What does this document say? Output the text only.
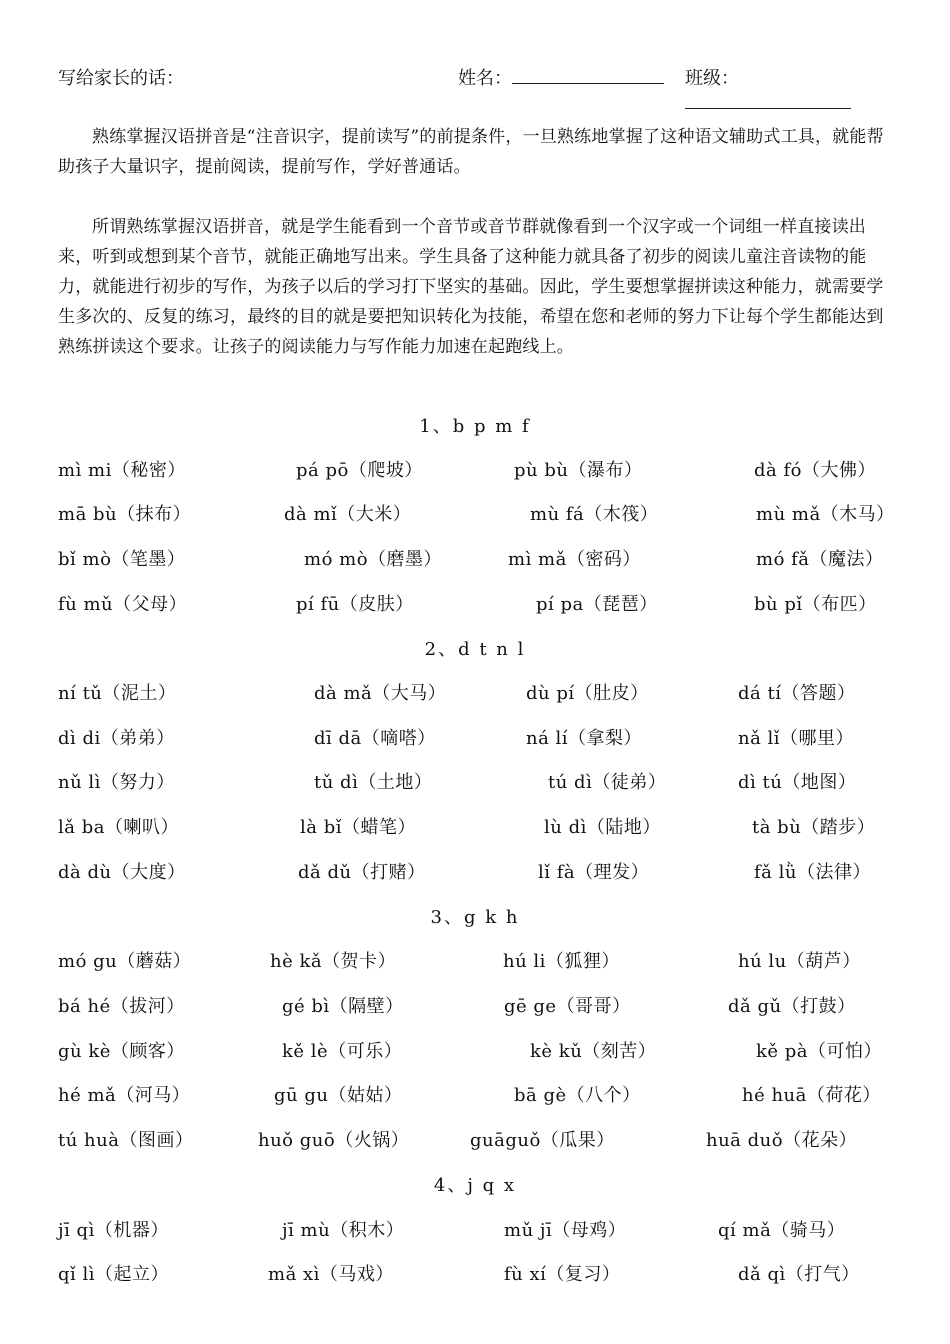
写给家长的话：	姓名：	班级：

熟练掌握汉语拼音是“注音识字，提前读写”的前提条件，一旦熟练地掌握了这种语文辅助式工具，就能帮助孩子大量识字，提前阅读，提前写作，学好普通话。

所谓熟练掌握汉语拼音，就是学生能看到一个音节或音节群就像看到一个汉字或一个词组一样直接读出来，听到或想到某个音节，就能正确地写出来。学生具备了这种能力就具备了初步的阅读儿童注音读物的能力，就能进行初步的写作，为孩子以后的学习打下坚实的基础。因此，学生要想掌握拼读这种能力，就需要学生多次的、反复的练习，最终的目的就是要把知识转化为技能，希望在您和老师的努力下让每个学生都能达到熟练拼读这个要求。让孩子的阅读能力与写作能力加速在起跑线上。

1、b p m f
mì mi（秘密）	pá pō（爬坡）	pù bù（瀑布）	dà fó（大佛）
mā bù（抹布）	dà mǐ（大米）	mù fá（木筏）	mù mǎ（木马）
bǐ mò（笔墨）	mó mò（磨墨）	mì mǎ（密码）	mó fǎ（魔法）
fù mǔ（父母）	pí fū（皮肤）	pí pa（琵琶）	bù pǐ（布匹）
2、d t n l
ní tǔ（泥土）	dà mǎ（大马）	dù pí（肚皮）	dá tí（答题）
dì di（弟弟）	dī dā（嘀嗒）	ná lí（拿梨）	nǎ lǐ（哪里）
nǔ lì（努力）	tǔ dì（土地）	tú dì（徒弟）	dì tú（地图）
lǎ ba（喇叭）	là bǐ（蜡笔）	lù dì（陆地）	tà bù（踏步）
dà dù（大度）	dǎ dǔ（打赌）	lǐ fà（理发）	fǎ lǜ（法律）
3、g k h
mó gu（蘑菇）	hè kǎ（贺卡）	hú li（狐狸）	hú lu（葫芦）
bá hé（拔河）	gé bì（隔壁）	gē ge（哥哥）	dǎ gǔ（打鼓）
gù kè（顾客）	kě lè（可乐）	kè kǔ（刻苦）	kě pà（可怕）
hé mǎ（河马）	gū gu（姑姑）	bā gè（八个）	hé huā（荷花）
tú huà（图画）	huǒ guō（火锅）	guāguǒ（瓜果）	huā duǒ（花朵）
4、j q x
jī qì（机器）	jī mù（积木）	mǔ jī（母鸡）	qí mǎ（骑马）
qǐ lì（起立）	mǎ xì（马戏）	fù xí（复习）	dǎ qì（打气）
